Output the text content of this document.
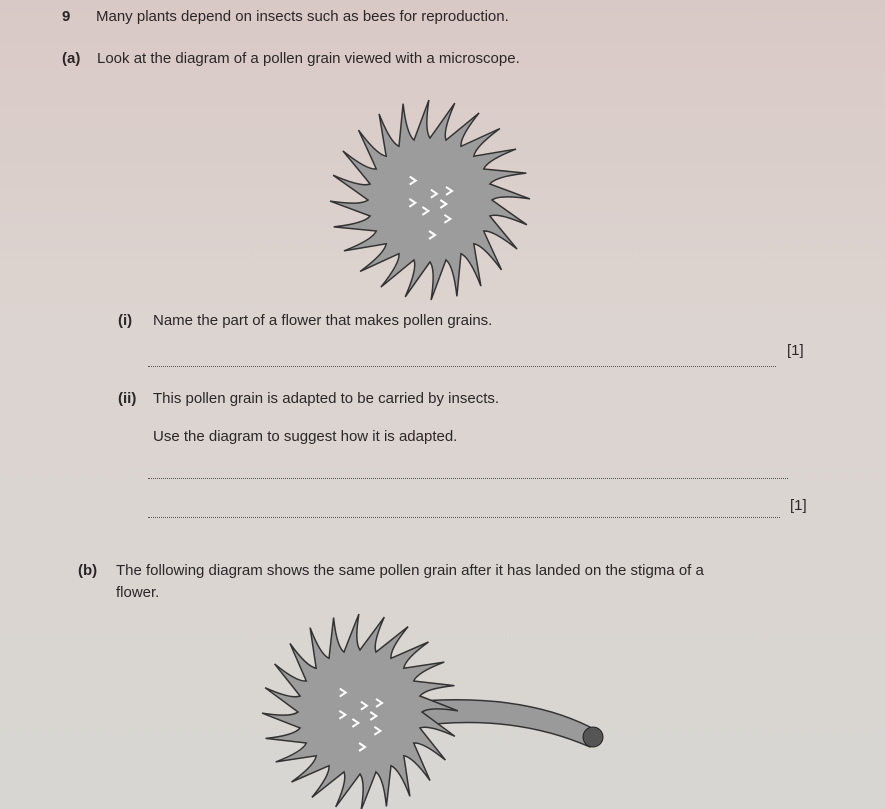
9 Many plants depend on insects such as bees for reproduction.
(a) Look at the diagram of a pollen grain viewed with a microscope.
(i) Name the part of a flower that makes pollen grains.
[1]
(ii) This pollen grain is adapted to be carried by insects.
Use the diagram to suggest how it is adapted.
[1]
(b) The following diagram shows the same pollen grain after it has landed on the stigma of a
flower.
